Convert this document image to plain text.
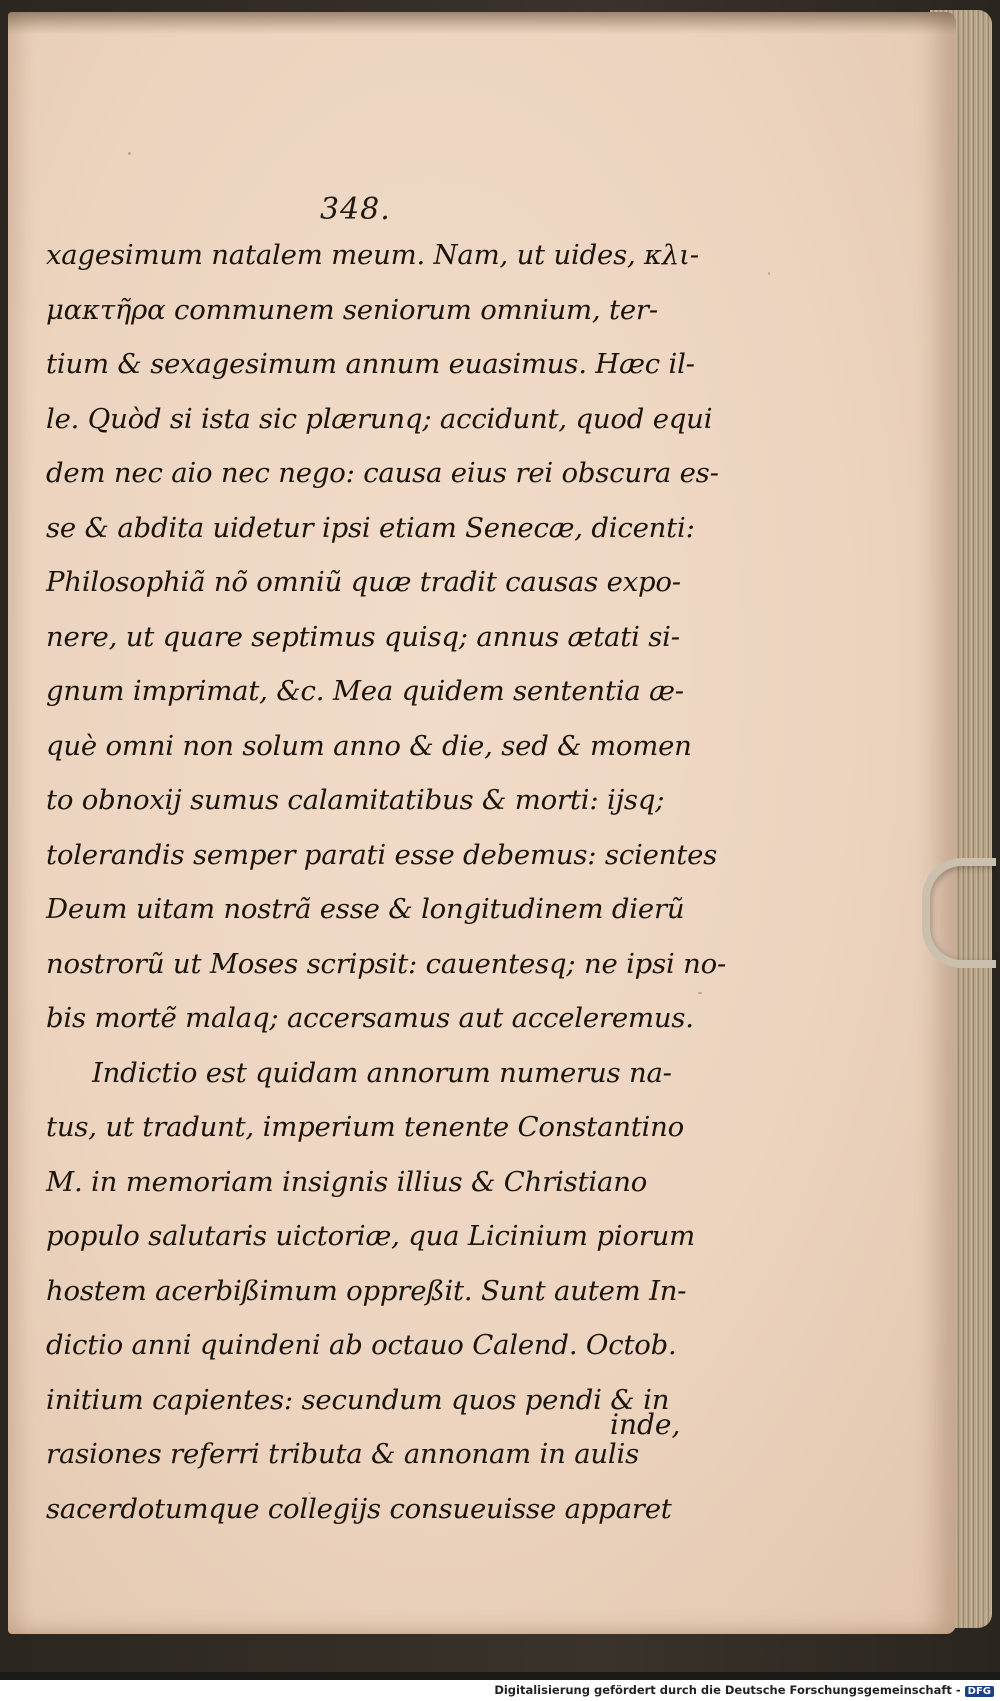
348.
xagesimum natalem meum. Nam, ut uides, κλι-
μακτῆρα communem seniorum omnium, ter-
tium & sexagesimum annum euasimus. Hæc il-
le. Quòd si ista sic plærunq; accidunt, quod equi
dem nec aio nec nego: causa eius rei obscura es-
se & abdita uidetur ipsi etiam Senecæ, dicenti:
Philosophiã nõ omniũ quæ tradit causas expo-
nere, ut quare septimus quisq; annus ætati si-
gnum imprimat, &c. Mea quidem sententia æ-
què omni non solum anno & die, sed & momen
to obnoxij sumus calamitatibus & morti: ijsq;
tolerandis semper parati esse debemus: scientes
Deum uitam nostrã esse & longitudinem dierũ
nostrorũ ut Moses scripsit: cauentesq; ne ipsi no-
bis mortẽ malaq; accersamus aut acceleremus.
Indictio est quidam annorum numerus na-
tus, ut tradunt, imperium tenente Constantino
M. in memoriam insignis illius & Christiano
populo salutaris uictoriæ, qua Licinium piorum
hostem acerbißimum oppreßit. Sunt autem In-
dictio anni quindeni ab octauo Calend. Octob.
initium capientes: secundum quos pendi & in
rasiones referri tributa & annonam in aulis
sacerdotumque collegijs consueuisse apparet
inde,
Digitalisierung gefördert durch die Deutsche Forschungsgemeinschaft - DFG
